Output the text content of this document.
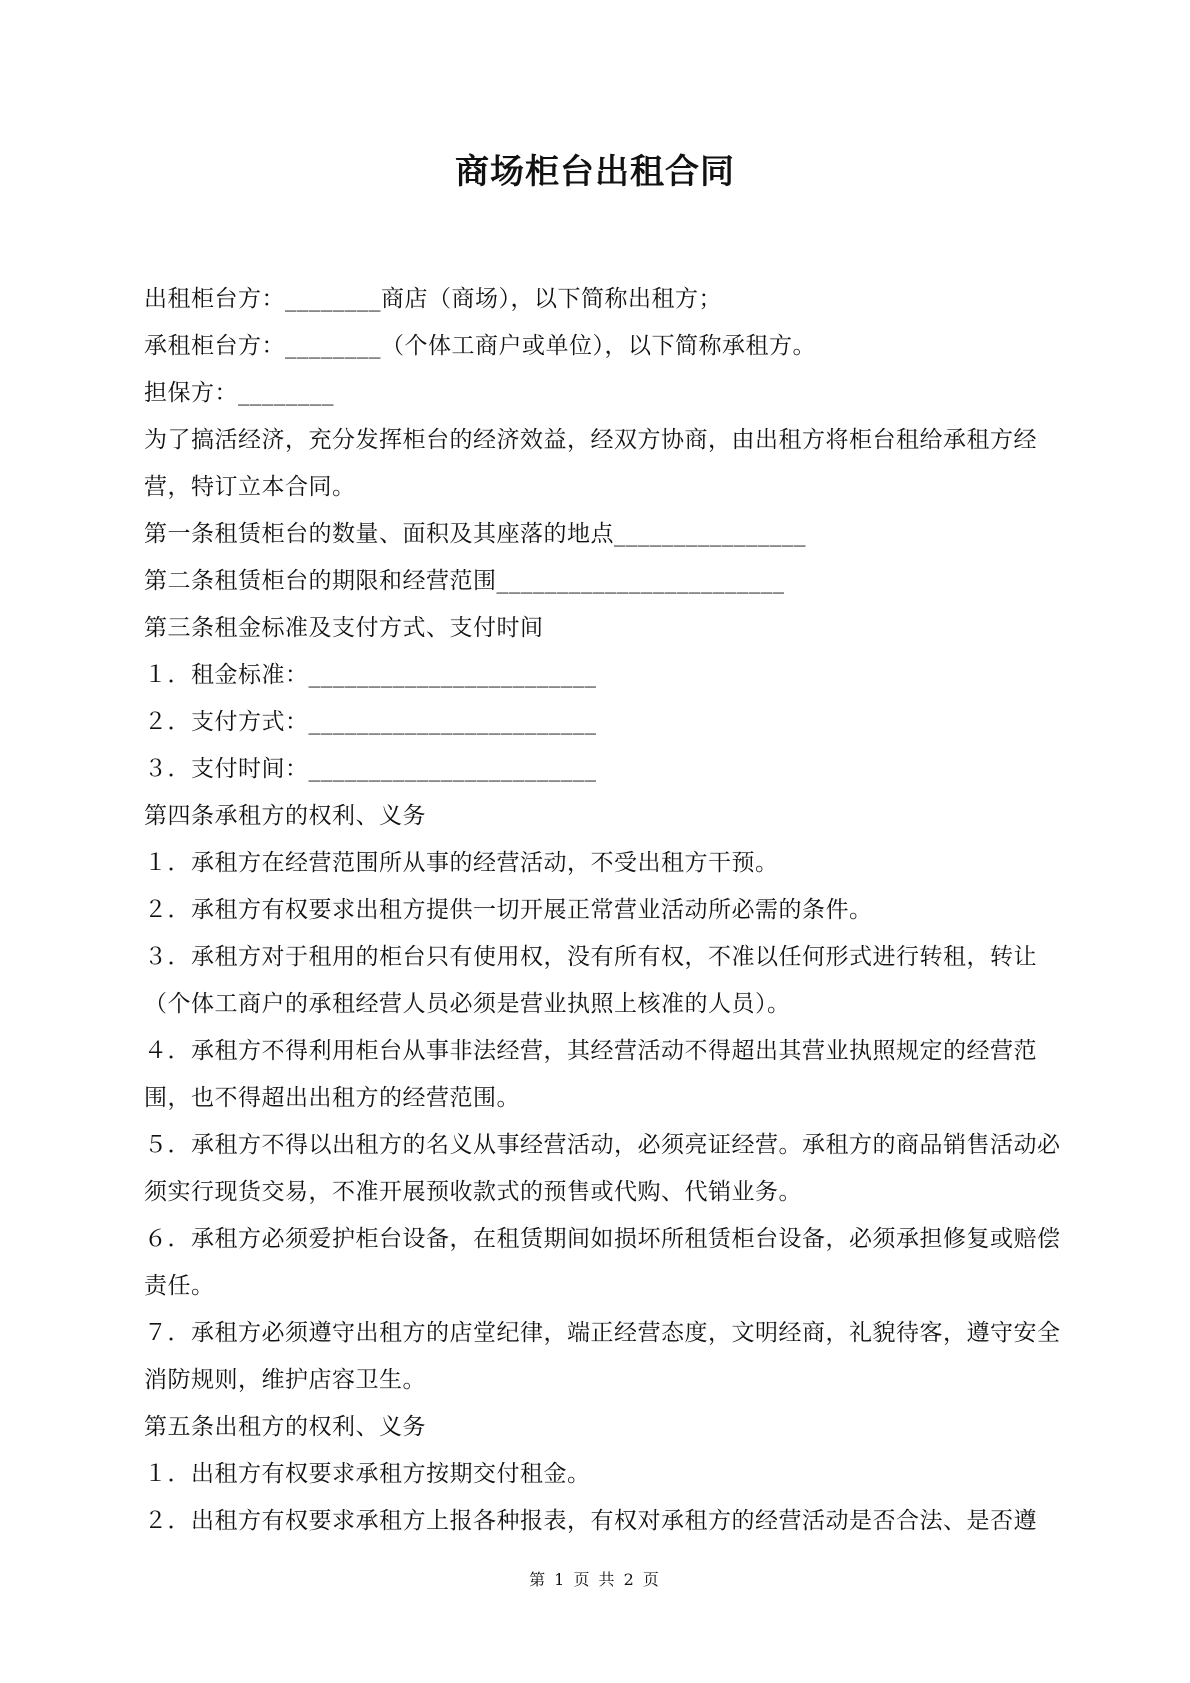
商场柜台出租合同

出租柜台方：________商店（商场），以下简称出租方；

承租柜台方：________（个体工商户或单位），以下简称承租方。

担保方：________

为了搞活经济，充分发挥柜台的经济效益，经双方协商，由出租方将柜台租给承租方经营，特订立本合同。

第一条租赁柜台的数量、面积及其座落的地点________________

第二条租赁柜台的期限和经营范围________________________

第三条租金标准及支付方式、支付时间

１．租金标准：________________________

２．支付方式：________________________

３．支付时间：________________________

第四条承租方的权利、义务

１．承租方在经营范围所从事的经营活动，不受出租方干预。

２．承租方有权要求出租方提供一切开展正常营业活动所必需的条件。

３．承租方对于租用的柜台只有使用权，没有所有权，不准以任何形式进行转租，转让（个体工商户的承租经营人员必须是营业执照上核准的人员）。

４．承租方不得利用柜台从事非法经营，其经营活动不得超出其营业执照规定的经营范围，也不得超出出租方的经营范围。

５．承租方不得以出租方的名义从事经营活动，必须亮证经营。承租方的商品销售活动必须实行现货交易，不准开展预收款式的预售或代购、代销业务。

６．承租方必须爱护柜台设备，在租赁期间如损坏所租赁柜台设备，必须承担修复或赔偿责任。

７．承租方必须遵守出租方的店堂纪律，端正经营态度，文明经商，礼貌待客，遵守安全消防规则，维护店容卫生。

第五条出租方的权利、义务

１．出租方有权要求承租方按期交付租金。

２．出租方有权要求承租方上报各种报表，有权对承租方的经营活动是否合法、是否遵

第 1 页 共 2 页
